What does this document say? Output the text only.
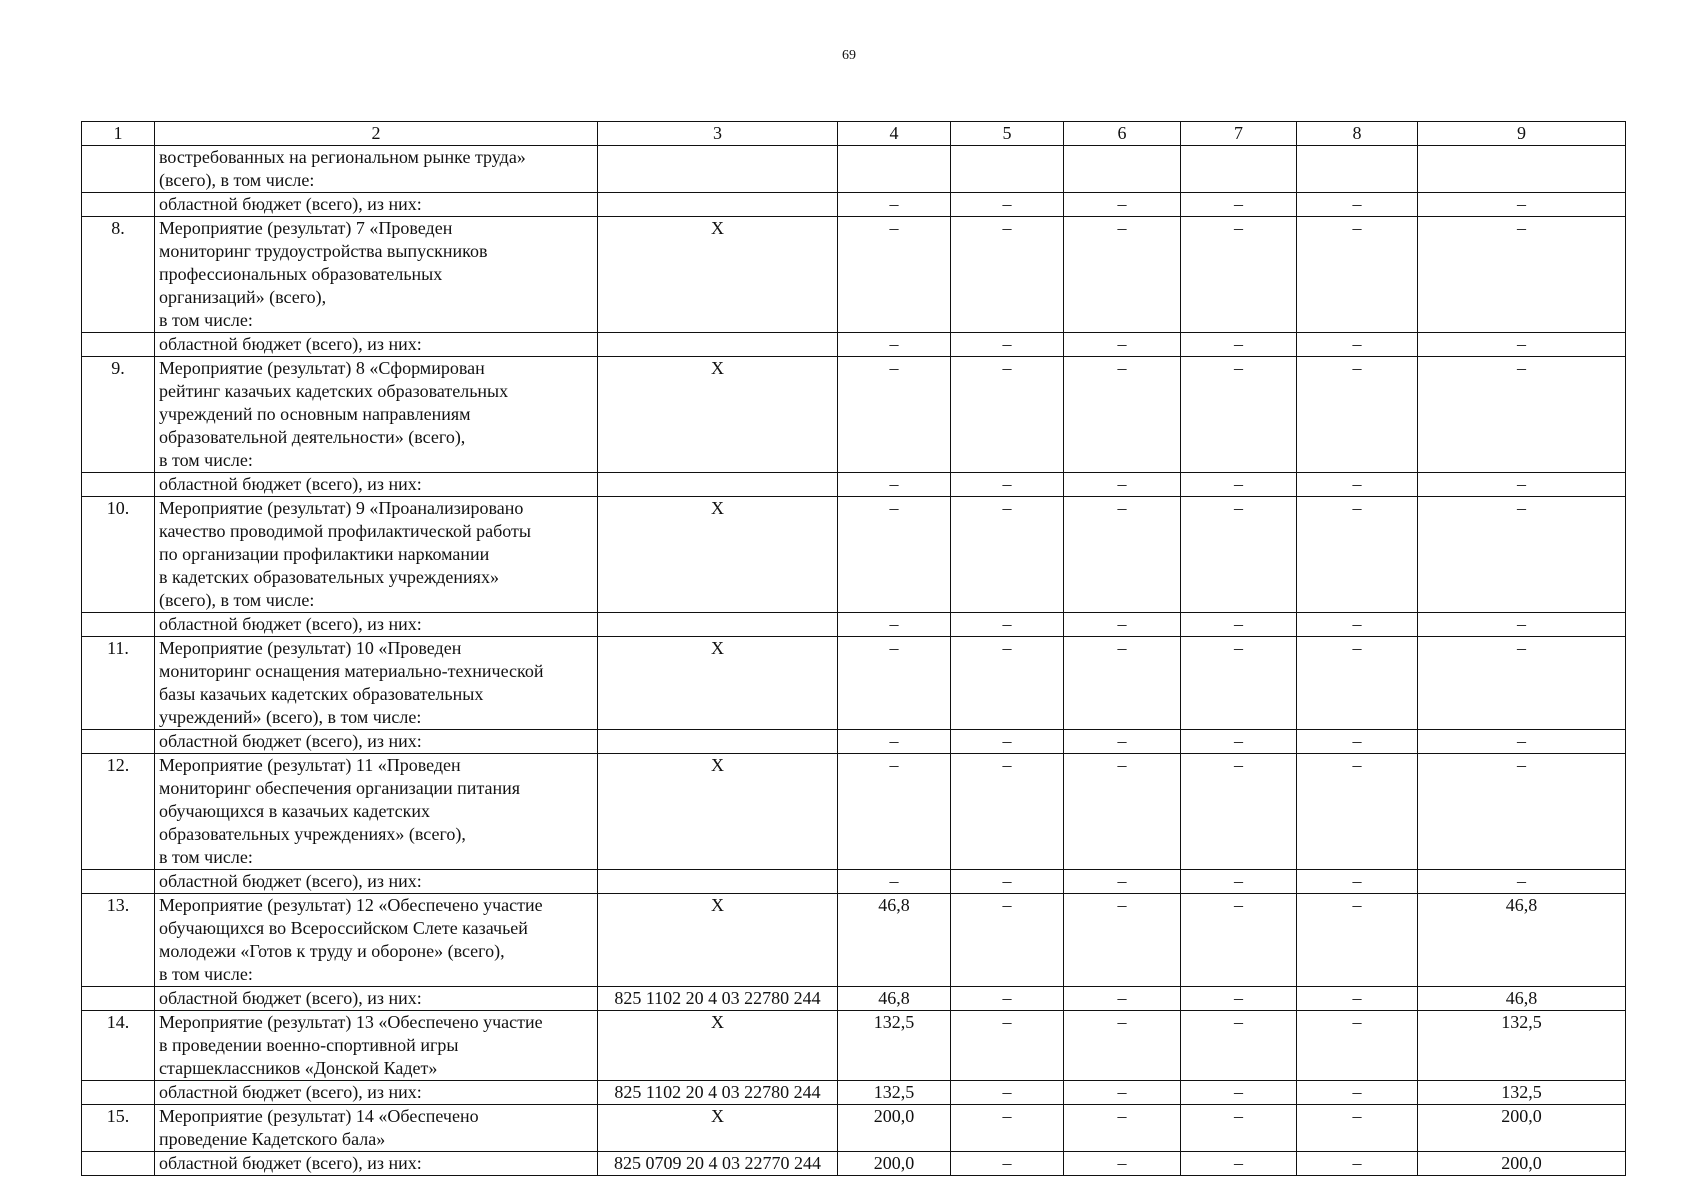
69
1	2	3	4	5	6	7	8	9

	востребованных на региональном рынке труда»
(всего), в том числе:							

	областной бюджет (всего), из них:		–	–	–	–	–	–
8.	Мероприятие (результат) 7 «Проведен
мониторинг трудоустройства выпускников
профессиональных образовательных
организаций» (всего),
в том числе:	X	–	–	–	–	–	–

	областной бюджет (всего), из них:		–	–	–	–	–	–
9.	Мероприятие (результат) 8 «Сформирован
рейтинг казачьих кадетских образовательных
учреждений по основным направлениям
образовательной деятельности» (всего),
в том числе:	X	–	–	–	–	–	–

	областной бюджет (всего), из них:		–	–	–	–	–	–
10.	Мероприятие (результат) 9 «Проанализировано
качество проводимой профилактической работы
по организации профилактики наркомании
в кадетских образовательных учреждениях»
(всего), в том числе:	X	–	–	–	–	–	–

	областной бюджет (всего), из них:		–	–	–	–	–	–
11.	Мероприятие (результат) 10 «Проведен
мониторинг оснащения материально-технической
базы казачьих кадетских образовательных
учреждений» (всего), в том числе:	X	–	–	–	–	–	–

	областной бюджет (всего), из них:		–	–	–	–	–	–
12.	Мероприятие (результат) 11 «Проведен
мониторинг обеспечения организации питания
обучающихся в казачьих кадетских
образовательных учреждениях» (всего),
в том числе:	X	–	–	–	–	–	–

	областной бюджет (всего), из них:		–	–	–	–	–	–
13.	Мероприятие (результат) 12 «Обеспечено участие
обучающихся во Всероссийском Слете казачьей
молодежи «Готов к труду и обороне» (всего),
в том числе:	X	46,8	–	–	–	–	46,8

	областной бюджет (всего), из них:	825 1102 20 4 03 22780 244	46,8	–	–	–	–	46,8
14.	Мероприятие (результат) 13 «Обеспечено участие
в проведении военно-спортивной игры
старшеклассников «Донской Кадет»	X	132,5	–	–	–	–	132,5

	областной бюджет (всего), из них:	825 1102 20 4 03 22780 244	132,5	–	–	–	–	132,5
15.	Мероприятие (результат) 14 «Обеспечено
проведение Кадетского бала»	X	200,0	–	–	–	–	200,0

	областной бюджет (всего), из них:	825 0709 20 4 03 22770 244	200,0	–	–	–	–	200,0
